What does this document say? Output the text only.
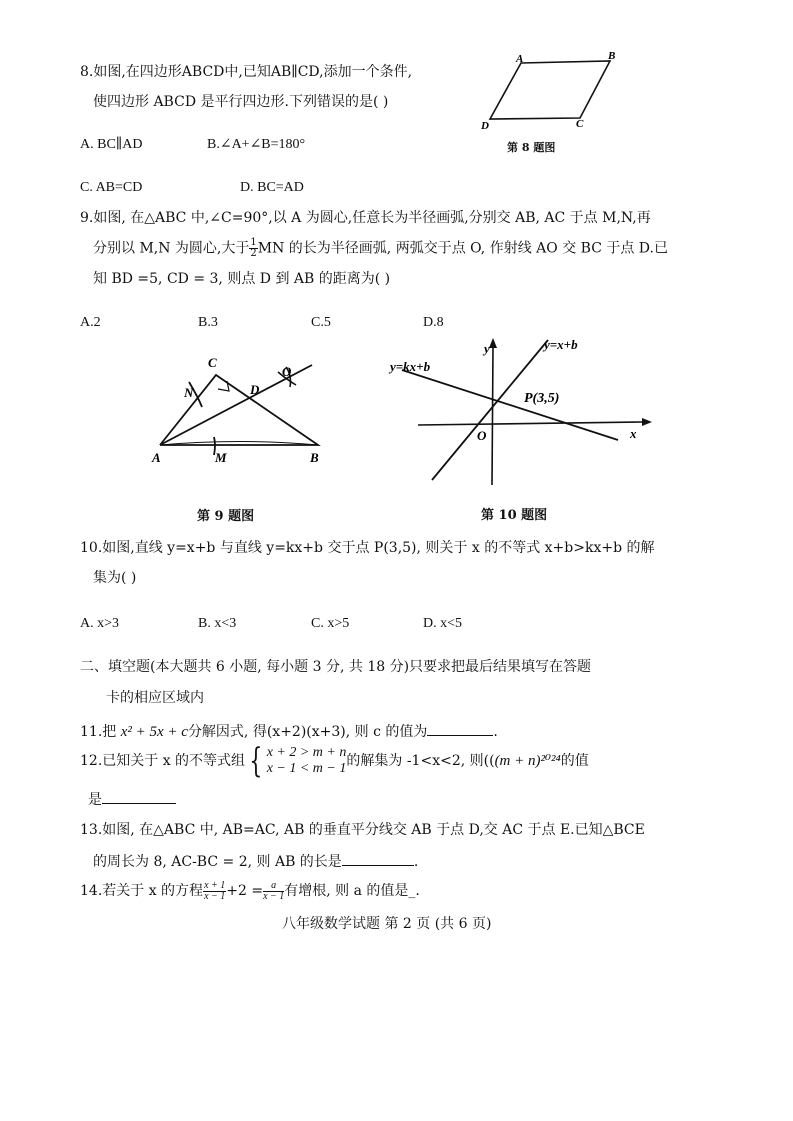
8.如图,在四边形ABCD中,已知AB∥CD,添加一个条件,
使四边形 ABCD 是平行四边形.下列错误的是( )
A. BC∥AD	B.∠A+∠B=180°
C. AB=CD	D. BC=AD
A	B
C
D
第 8 题图
9.如图, 在△ABC 中,∠C=90°,以 A 为圆心,任意长为半径画弧,分别交 AB, AC 于点 M,N,再
分别以 M,N 为圆心,大于 $\frac{1}{2}$ MN 的长为半径画弧, 两弧交于点 O, 作射线 AO 交 BC 于点 D.已
知 BD =5, CD = 3, 则点 D 到 AB 的距离为( )
A.2	B.3	C.5	D.8
C
D
O
N
A	M	B
第 9 题图
y
x
O
P(3,5)
y=x+b
y=kx+b
第 10 题图
10.如图,直线 y=x+b 与直线 y=kx+b 交于点 P(3,5), 则关于 x 的不等式 x+b>kx+b 的解
集为( )
A. x>3	B. x<3	C. x>5	D. x<5
二、填空题(本大题共 6 小题, 每小题 3 分, 共 18 分)只要求把最后结果填写在答题
卡的相应区域内
11.把 x² + 5x + c分解因式, 得(x+2)(x+3), 则 c 的值为	.
12.已知关于 x 的不等式组 { x + 2 > m + n
x − 1 < m − 1 的解集为 -1<x<2, 则(((m + n)²⁰²⁴的值
是
13.如图, 在△ABC 中, AB=AC, AB 的垂直平分线交 AB 于点 D,交 AC 于点 E.已知△BCE
的周长为 8, AC-BC = 2, 则 AB 的长是	.
14.若关于 x 的方程 $\frac{x + 1}{x - 1} +2 = \frac{a}{x - 1}$ 有增根, 则 a 的值是_.
八年级数学试题 第 2 页 (共 6 页)
